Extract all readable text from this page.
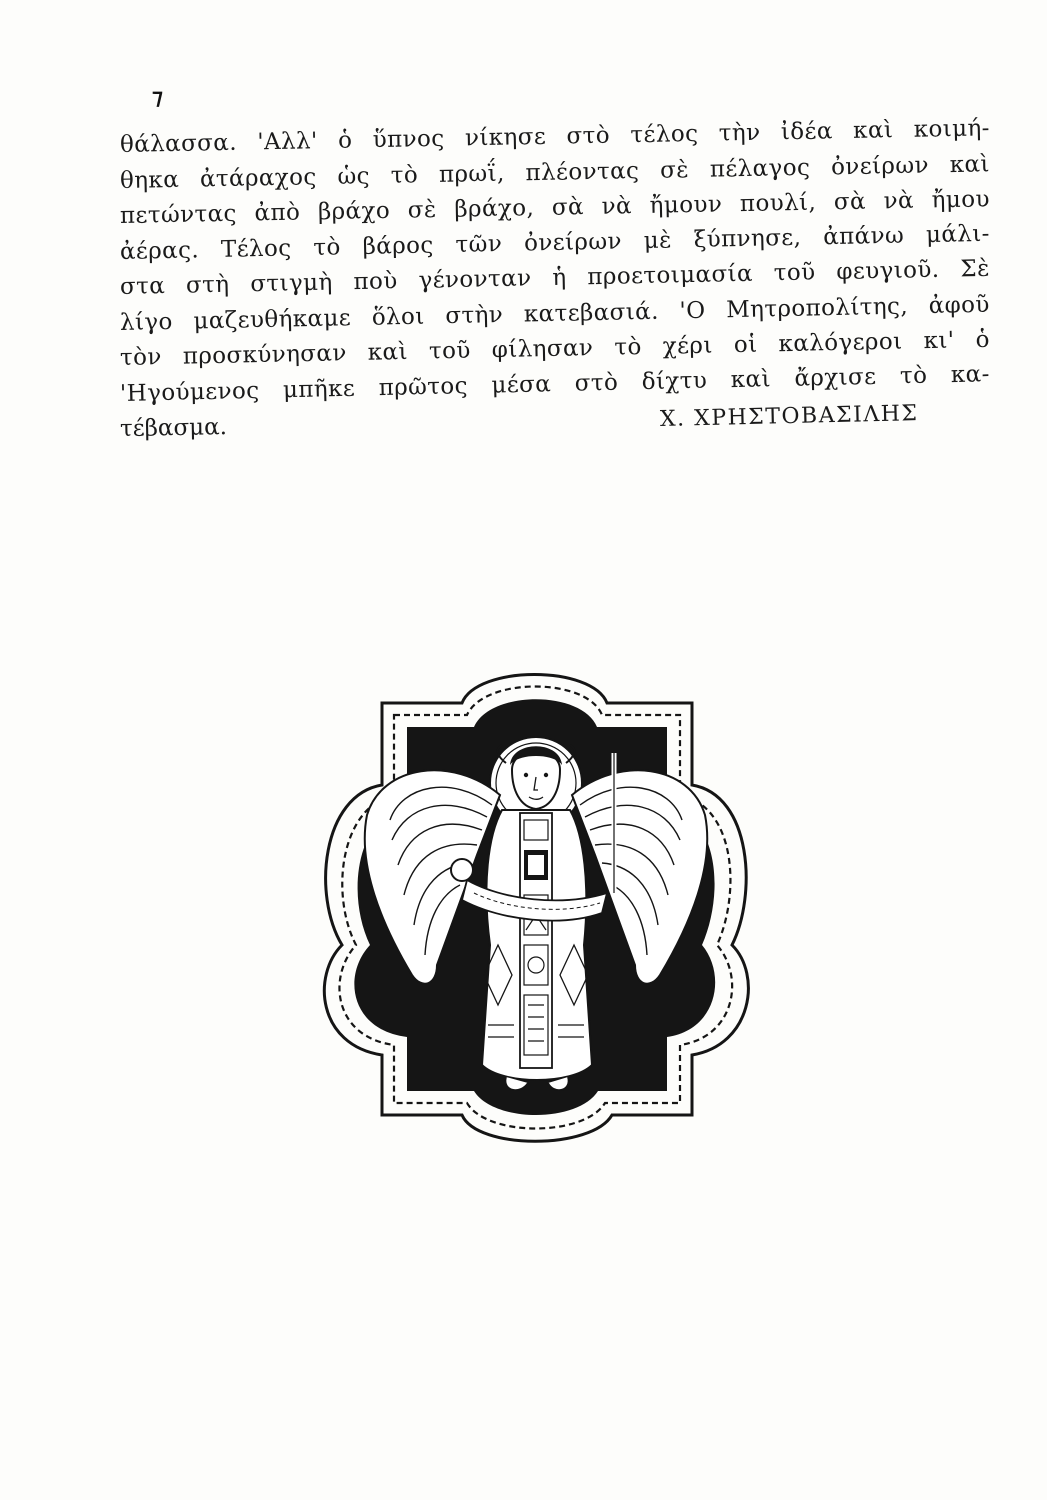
⁊
θάλασσα. 'Αλλ' ὁ ὕπνος νίκησε στὸ τέλος τὴν ἰδέα καὶ κοιμή-
θηκα ἀτάραχος ὡς τὸ πρωΐ, πλέοντας σὲ πέλαγος ὀνείρων καὶ
πετώντας ἀπὸ βράχο σὲ βράχο, σὰ νὰ ἤμουν πουλί, σὰ νὰ ἤμου
ἀέρας. Τέλος τὸ βάρος τῶν ὀνείρων μὲ ξύπνησε, ἀπάνω μάλι-
στα στὴ στιγμὴ ποὺ γένονταν ἡ προετοιμασία τοῦ φευγιοῦ. Σὲ
λίγο μαζευθήκαμε ὅλοι στὴν κατεβασιά. 'Ο Μητροπολίτης, ἀφοῦ
τὸν προσκύνησαν καὶ τοῦ φίλησαν τὸ χέρι οἱ καλόγεροι κι' ὁ
'Ηγούμενος μπῆκε πρῶτος μέσα στὸ δίχτυ καὶ ἄρχισε τὸ κα-
τέβασμα.	Χ. ΧΡΗΣΤΟΒΑΣΙΛΗΣ
